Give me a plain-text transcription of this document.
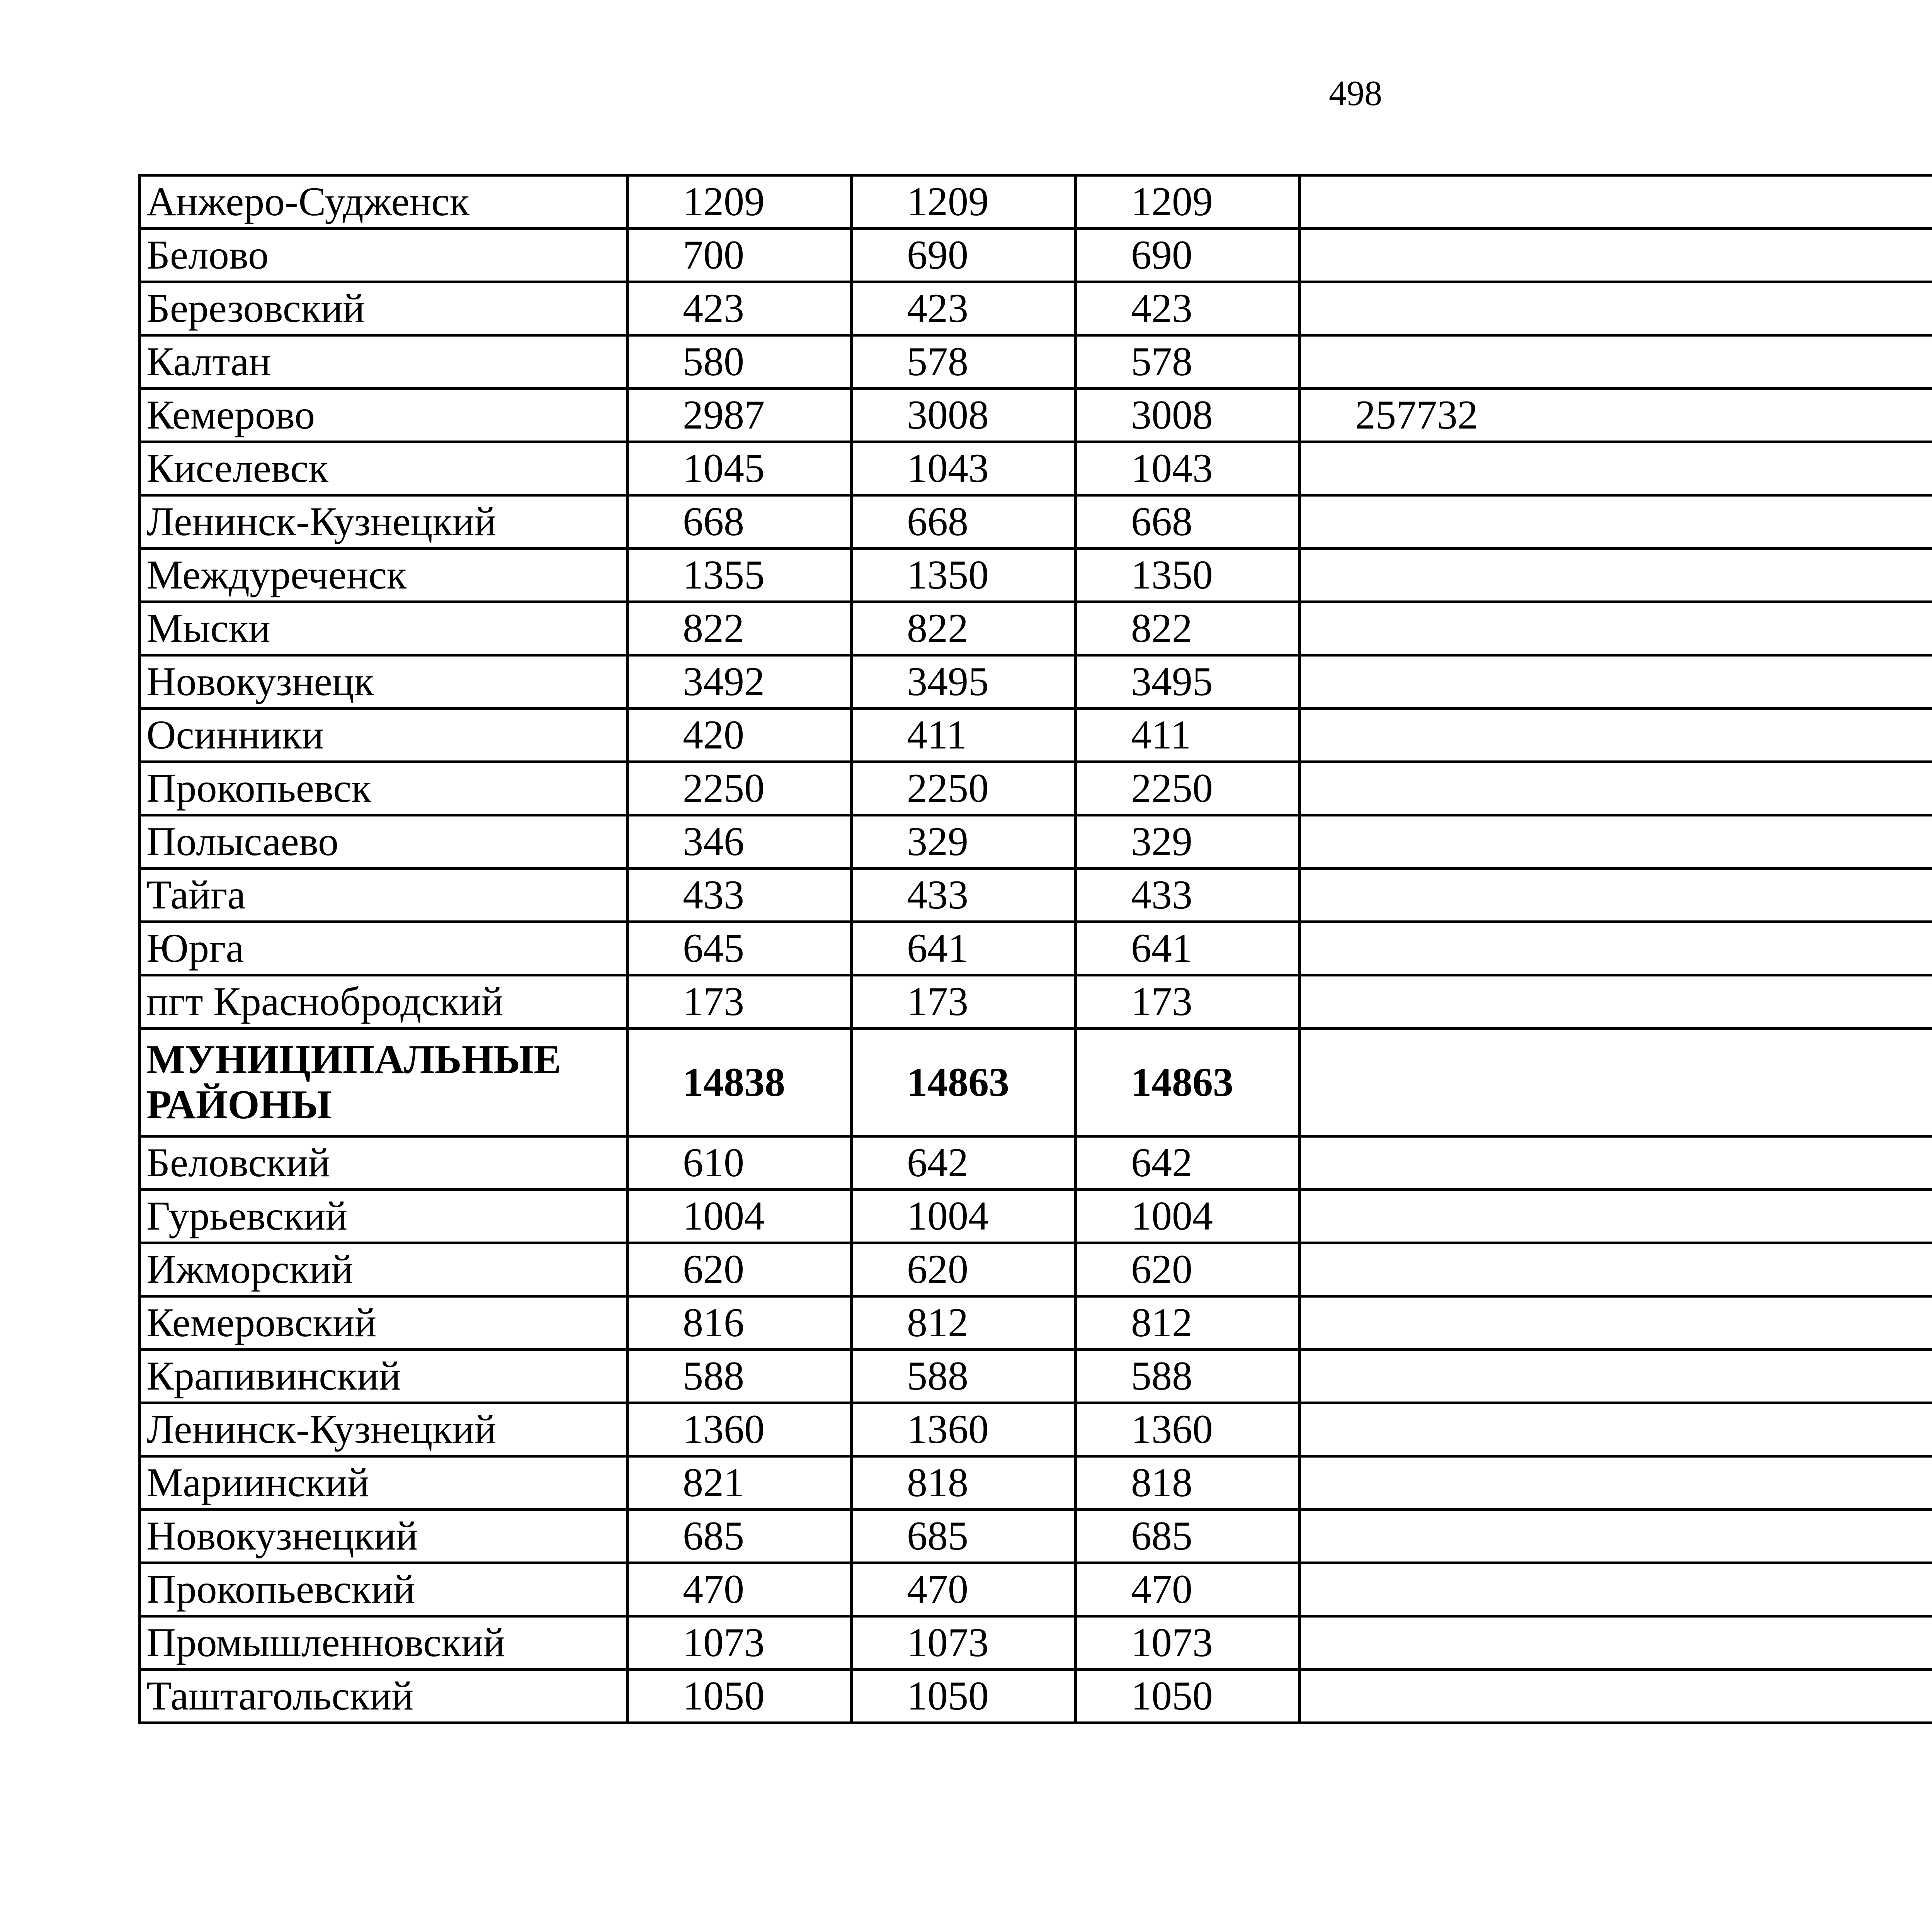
498
Анжеро-Судженск	1209	1209	1209		
Белово	700	690	690		
Березовский	423	423	423		
Калтан	580	578	578		
Кемерово	2987	3008	3008	257732	
Киселевск	1045	1043	1043		
Ленинск-Кузнецкий	668	668	668		
Междуреченск	1355	1350	1350		
Мыски	822	822	822		
Новокузнецк	3492	3495	3495		
Осинники	420	411	411		
Прокопьевск	2250	2250	2250		
Полысаево	346	329	329		
Тайга	433	433	433		
Юрга	645	641	641		
пгт Краснобродский	173	173	173		
МУНИЦИПАЛЬНЫЕ РАЙОНЫ	14838	14863	14863		
Беловский	610	642	642		
Гурьевский	1004	1004	1004		
Ижморский	620	620	620		
Кемеровский	816	812	812		
Крапивинский	588	588	588		
Ленинск-Кузнецкий	1360	1360	1360		
Мариинский	821	818	818		
Новокузнецкий	685	685	685		
Прокопьевский	470	470	470		
Промышленновский	1073	1073	1073		
Таштагольский	1050	1050	1050		
